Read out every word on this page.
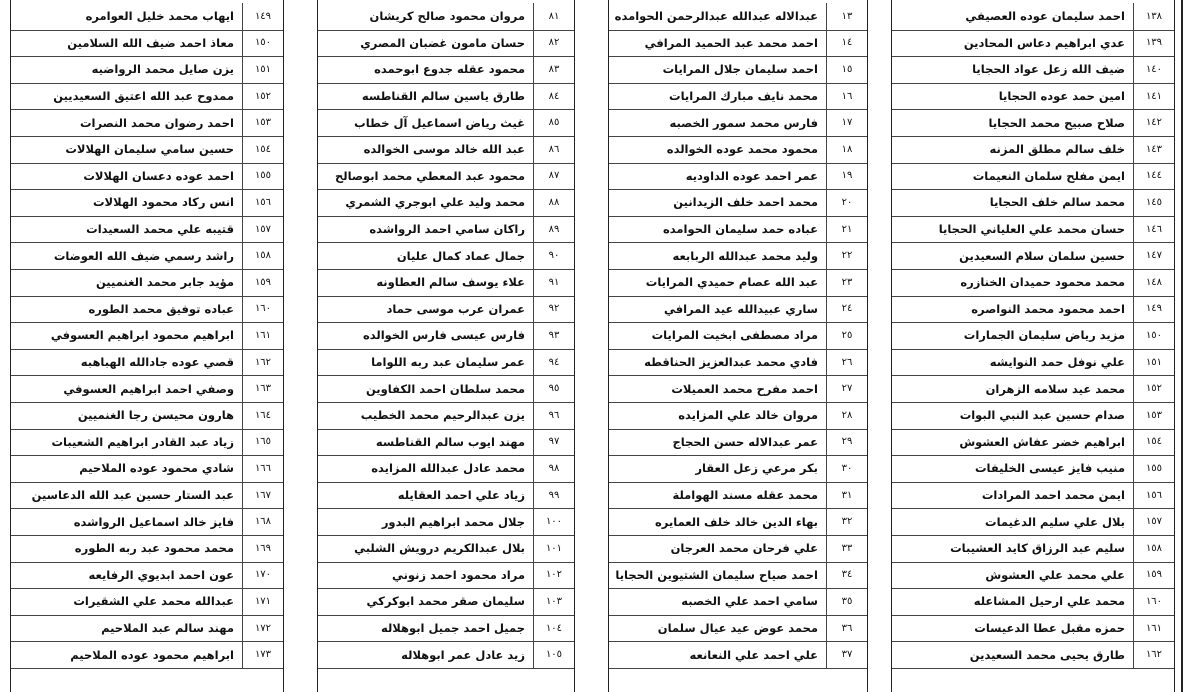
١٣٨
احمد سليمان عوده العصيفي
١٣٩
عدي ابراهيم دعاس المحادين
١٤٠
ضيف الله زعل عواد الحجايا
١٤١
امين حمد عوده الحجايا
١٤٢
صلاح صبيح محمد الحجايا
١٤٣
خلف سالم مطلق المزنه
١٤٤
ايمن مفلح سلمان النعيمات
١٤٥
محمد سالم خلف الحجايا
١٤٦
حسان محمد علي العلياني الحجايا
١٤٧
حسين سلمان سلام السعيدين
١٤٨
محمد محمود حميدان الخنازره
١٤٩
احمد محمود محمد النواصره
١٥٠
مزيد رياض سليمان الجمارات
١٥١
علي نوفل حمد النوايشه
١٥٢
محمد عيد سلامه الزهران
١٥٣
صدام حسين عبد النبي البوات
١٥٤
ابراهيم خضر عفاش العشوش
١٥٥
منيب فايز عيسى الخليفات
١٥٦
ايمن محمد احمد المرادات
١٥٧
بلال علي سليم الدغيمات
١٥٨
سليم عبد الرزاق كايد العشيبات
١٥٩
علي محمد علي العشوش
١٦٠
محمد علي ارحيل المشاعله
١٦١
حمزه مقبل عطا الدعيسات
١٦٢
طارق يحيى محمد السعيدين
١٣
عبدالاله عبدالله عبدالرحمن الحوامده
١٤
احمد محمد عبد الحميد المرافي
١٥
احمد سليمان جلال المرايات
١٦
محمد نايف مبارك المرايات
١٧
فارس محمد سمور الخصبه
١٨
محمود محمد عوده الخوالده
١٩
عمر احمد عوده الداوديه
٢٠
محمد احمد خلف الزيدانين
٢١
عباده حمد سليمان الحوامده
٢٢
وليد محمد عبدالله الربابعه
٢٣
عبد الله عصام حميدي المرايات
٢٤
ساري عبيدالله عيد المرافي
٢٥
مراد مصطفى ابخيت المرايات
٢٦
فادي محمد عبدالعزيز الحناقطه
٢٧
احمد مفرح محمد العميلات
٢٨
مروان خالد علي المزايده
٢٩
عمر عبدالاله حسن الحجاج
٣٠
بكر مرعي زعل العقار
٣١
محمد عقله مسند الهواملة
٣٢
بهاء الدين خالد خلف العمايره
٣٣
علي فرحان محمد العرجان
٣٤
احمد صياح سليمان الشتيوين الحجايا
٣٥
سامي احمد علي الخصبه
٣٦
محمد عوض عيد عيال سلمان
٣٧
علي احمد علي النعانعه
٨١
مروان محمود صالح كريشان
٨٢
حسان مامون غضبان المصري
٨٣
محمود عقله جدوع ابوحمده
٨٤
طارق ياسين سالم القناطسه
٨٥
غيث رياض اسماعيل آل خطاب
٨٦
عبد الله خالد موسى الخوالده
٨٧
محمود عبد المعطي محمد ابوصالح
٨٨
محمد وليد علي ابوجري الشمري
٨٩
راكان سامي احمد الرواشده
٩٠
جمال عماد كمال عليان
٩١
علاء يوسف سالم العطاونه
٩٢
عمران عرب موسى حماد
٩٣
فارس عيسى فارس الخوالده
٩٤
عمر سليمان عبد ربه اللواما
٩٥
محمد سلطان احمد الكفاوين
٩٦
يزن عبدالرحيم محمد الخطيب
٩٧
مهند ايوب سالم القناطسه
٩٨
محمد عادل عبدالله المزايده
٩٩
زياد علي احمد العقايله
١٠٠
جلال محمد ابراهيم البدور
١٠١
بلال عبدالكريم درويش الشلبي
١٠٢
مراد محمود احمد زنوني
١٠٣
سليمان صقر محمد ابوكركي
١٠٤
جميل احمد جميل ابوهلاله
١٠٥
زيد عادل عمر ابوهلاله
١٤٩
ايهاب محمد خليل العوامره
١٥٠
معاذ احمد ضيف الله السلامين
١٥١
يزن صايل محمد الرواضيه
١٥٢
ممدوح عبد الله اعتيق السعيديين
١٥٣
احمد رضوان محمد النصرات
١٥٤
حسين سامي سليمان الهلالات
١٥٥
احمد عوده دعسان الهلالات
١٥٦
انس ركاد محمود الهلالات
١٥٧
قتيبه علي محمد السعيدات
١٥٨
راشد رسمي ضيف الله العوضات
١٥٩
مؤيد جابر محمد الغنميين
١٦٠
عباده توفيق محمد الطوره
١٦١
ابراهيم محمود ابراهيم العسوفي
١٦٢
قصي عوده جادالله الهباهبه
١٦٣
وصفي احمد ابراهيم العسوفي
١٦٤
هارون محيسن رجا الغنميين
١٦٥
زياد عبد القادر ابراهيم الشعيبات
١٦٦
شادي محمود عوده الملاحيم
١٦٧
عبد الستار حسين عبد الله الدعاسين
١٦٨
فايز خالد اسماعيل الرواشده
١٦٩
محمد محمود عبد ربه الطوره
١٧٠
عون احمد ابديوي الرفايعه
١٧١
عبدالله محمد علي الشقيرات
١٧٢
مهند سالم عبد الملاحيم
١٧٣
ابراهيم محمود عوده الملاحيم
